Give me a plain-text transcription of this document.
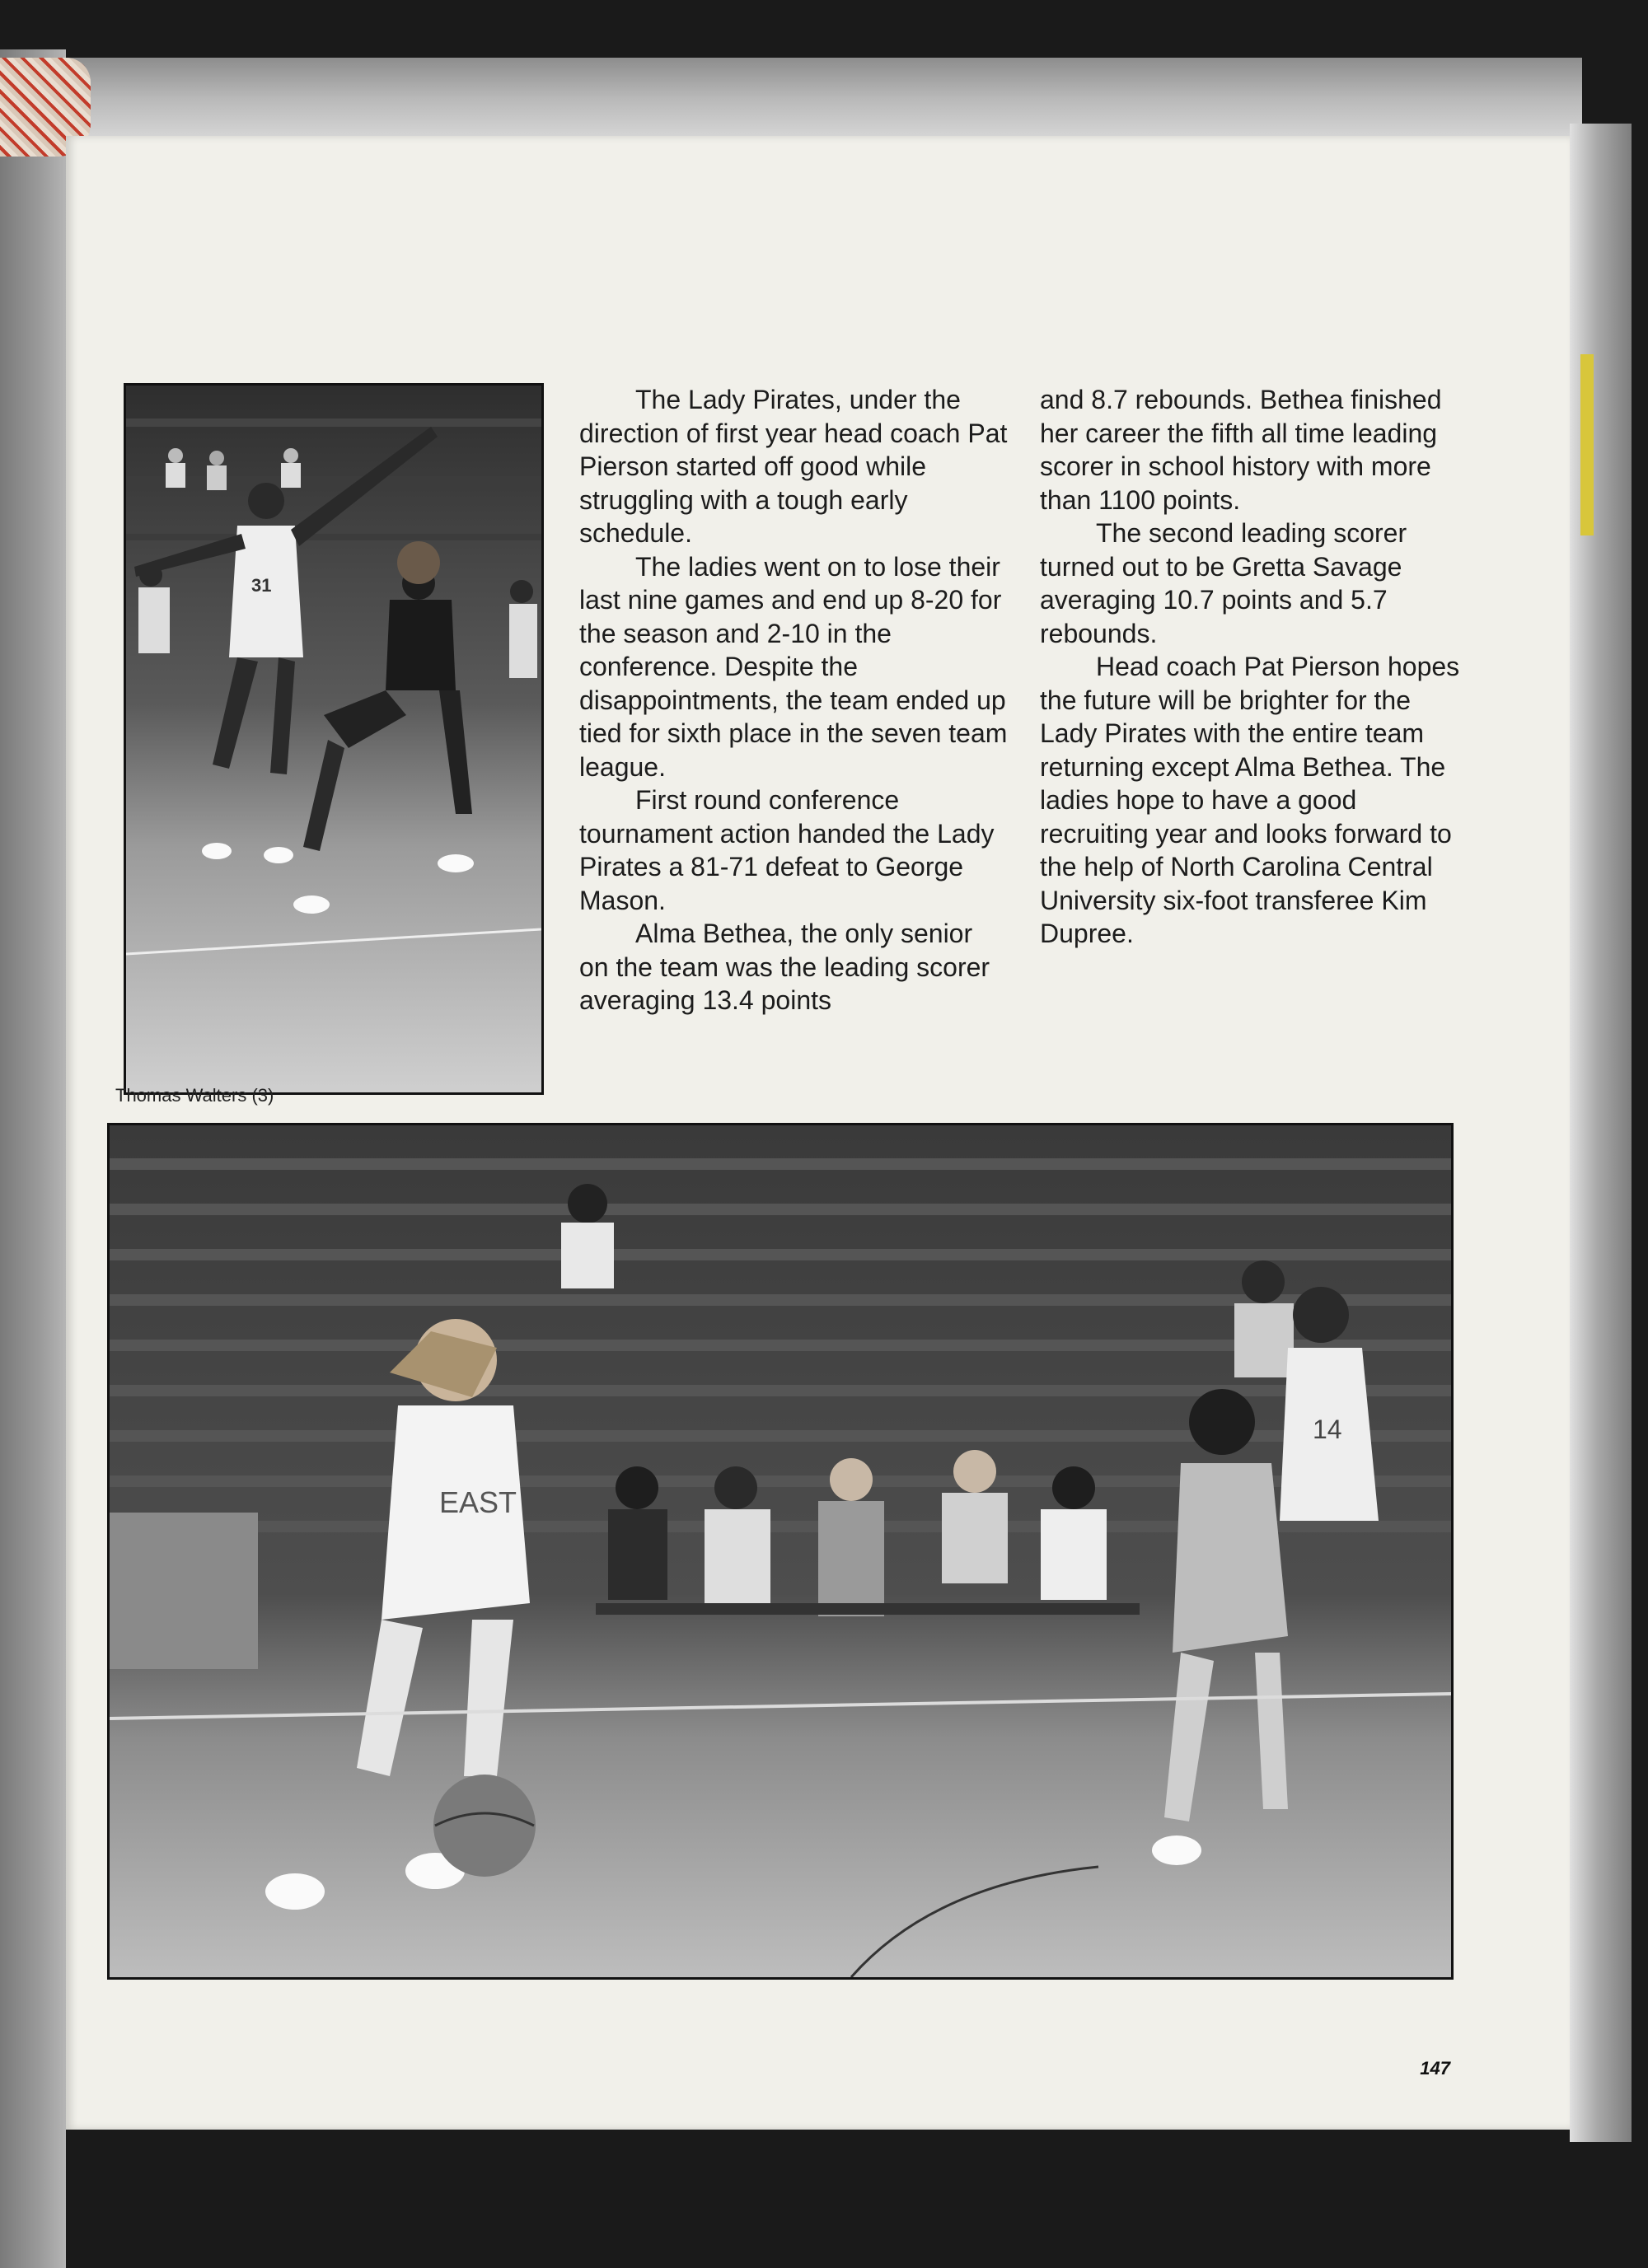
31
Thomas Walters (3)

The Lady Pirates, under the direction of first year head coach Pat Pierson started off good while struggling with a tough early schedule.

The ladies went on to lose their last nine games and end up 8-20 for the season and 2-10 in the conference. Despite the disappointments, the team ended up tied for sixth place in the seven team league.

First round conference tournament action handed the Lady Pirates a 81-71 defeat to George Mason.

Alma Bethea, the only senior on the team was the leading scorer averaging 13.4 points

and 8.7 rebounds. Bethea finished her career the fifth all time leading scorer in school history with more than 1100 points.

The second leading scorer turned out to be Gretta Savage averaging 10.7 points and 5.7 rebounds.

Head coach Pat Pierson hopes the future will be brighter for the Lady Pirates with the entire team returning except Alma Bethea. The ladies hope to have a good recruiting year and looks forward to the help of North Carolina Central University six-foot transferee Kim Dupree.

EAST
14
147
